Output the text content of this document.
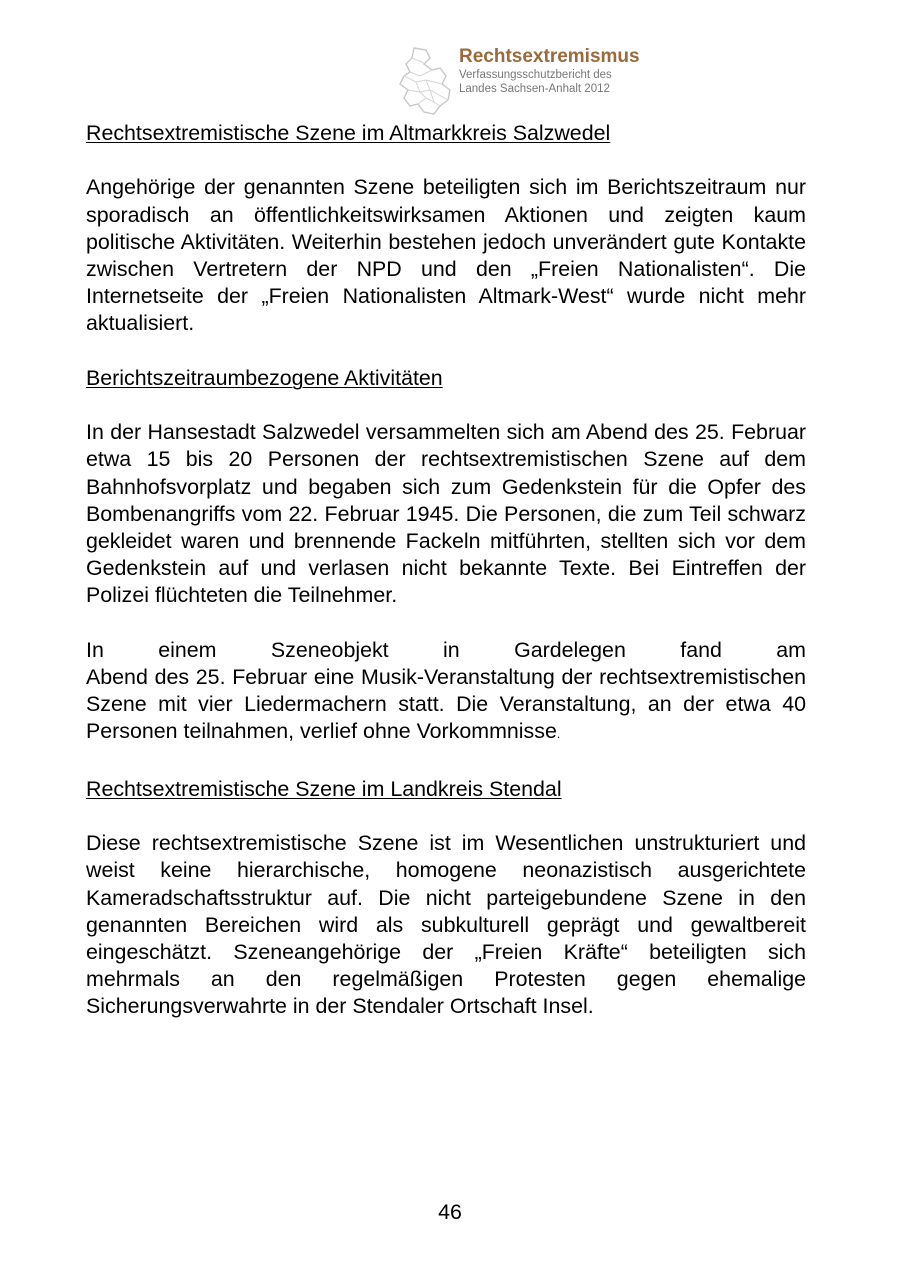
Rechtsextremismus
Verfassungsschutzbericht des
Landes Sachsen-Anhalt 2012

Rechtsextremistische Szene im Altmarkkreis Salzwedel

Angehörige der genannten Szene beteiligten sich im Berichtszeitraum nur sporadisch an öffentlichkeitswirksamen Aktionen und zeigten kaum politische Aktivitäten. Weiterhin bestehen jedoch unverändert gute Kontakte zwischen Vertretern der NPD und den „Freien Nationalisten“. Die Internetseite der „Freien Nationalisten Altmark-West“ wurde nicht mehr aktualisiert.

Berichtszeitraumbezogene Aktivitäten

In der Hansestadt Salzwedel versammelten sich am Abend des 25. Februar etwa 15 bis 20 Personen der rechtsextremistischen Szene auf dem Bahnhofsvorplatz und begaben sich zum Gedenkstein für die Opfer des Bombenangriffs vom 22. Februar 1945. Die Personen, die zum Teil schwarz gekleidet waren und brennende Fackeln mitführten, stellten sich vor dem Gedenkstein auf und verlasen nicht bekannte Texte. Bei Eintreffen der Polizei flüchteten die Teilnehmer.

In einem Szeneobjekt in Gardelegen fand am

Abend des 25. Februar eine Musik-Veranstaltung der rechtsextremistischen Szene mit vier Liedermachern statt. Die Veranstaltung, an der etwa 40 Personen teilnahmen, verlief ohne Vorkommnisse.

Rechtsextremistische Szene im Landkreis Stendal

Diese rechtsextremistische Szene ist im Wesentlichen unstrukturiert und weist keine hierarchische, homogene neonazistisch ausgerichtete Kameradschaftsstruktur auf. Die nicht parteigebundene Szene in den genannten Bereichen wird als subkulturell geprägt und gewaltbereit eingeschätzt. Szeneangehörige der „Freien Kräfte“ beteiligten sich mehrmals an den regelmäßigen Protesten gegen ehemalige Sicherungsverwahrte in der Stendaler Ortschaft Insel.

46
